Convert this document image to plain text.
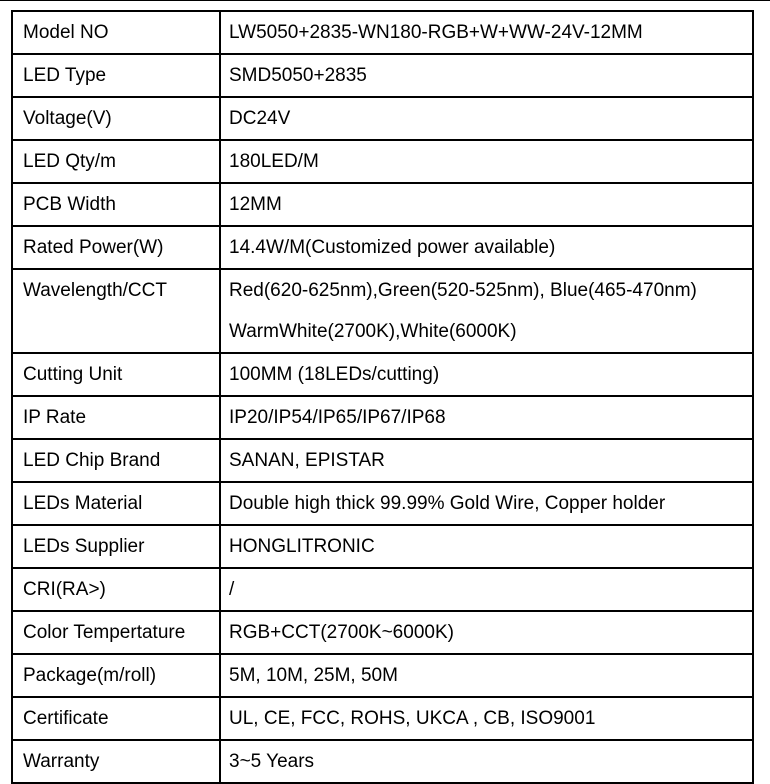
Model NO	LW5050+2835-WN180-RGB+W+WW-24V-12MM

LED Type	SMD5050+2835

Voltage(V)	DC24V

LED Qty/m	180LED/M

PCB Width	12MM

Rated Power(W)	14.4W/M(Customized power available)

Wavelength/CCT	Red(620-625nm),Green(520-525nm), Blue(465-470nm)
WarmWhite(2700K),White(6000K)

Cutting Unit	100MM (18LEDs/cutting)

IP Rate	IP20/IP54/IP65/IP67/IP68

LED Chip Brand	SANAN, EPISTAR

LEDs Material	Double high thick 99.99% Gold Wire, Copper holder

LEDs Supplier	HONGLITRONIC

CRI(RA>)	/

Color Tempertature	RGB+CCT(2700K~6000K)

Package(m/roll)	5M, 10M, 25M, 50M

Certificate	UL, CE, FCC, ROHS, UKCA , CB, ISO9001

Warranty	3~5 Years
